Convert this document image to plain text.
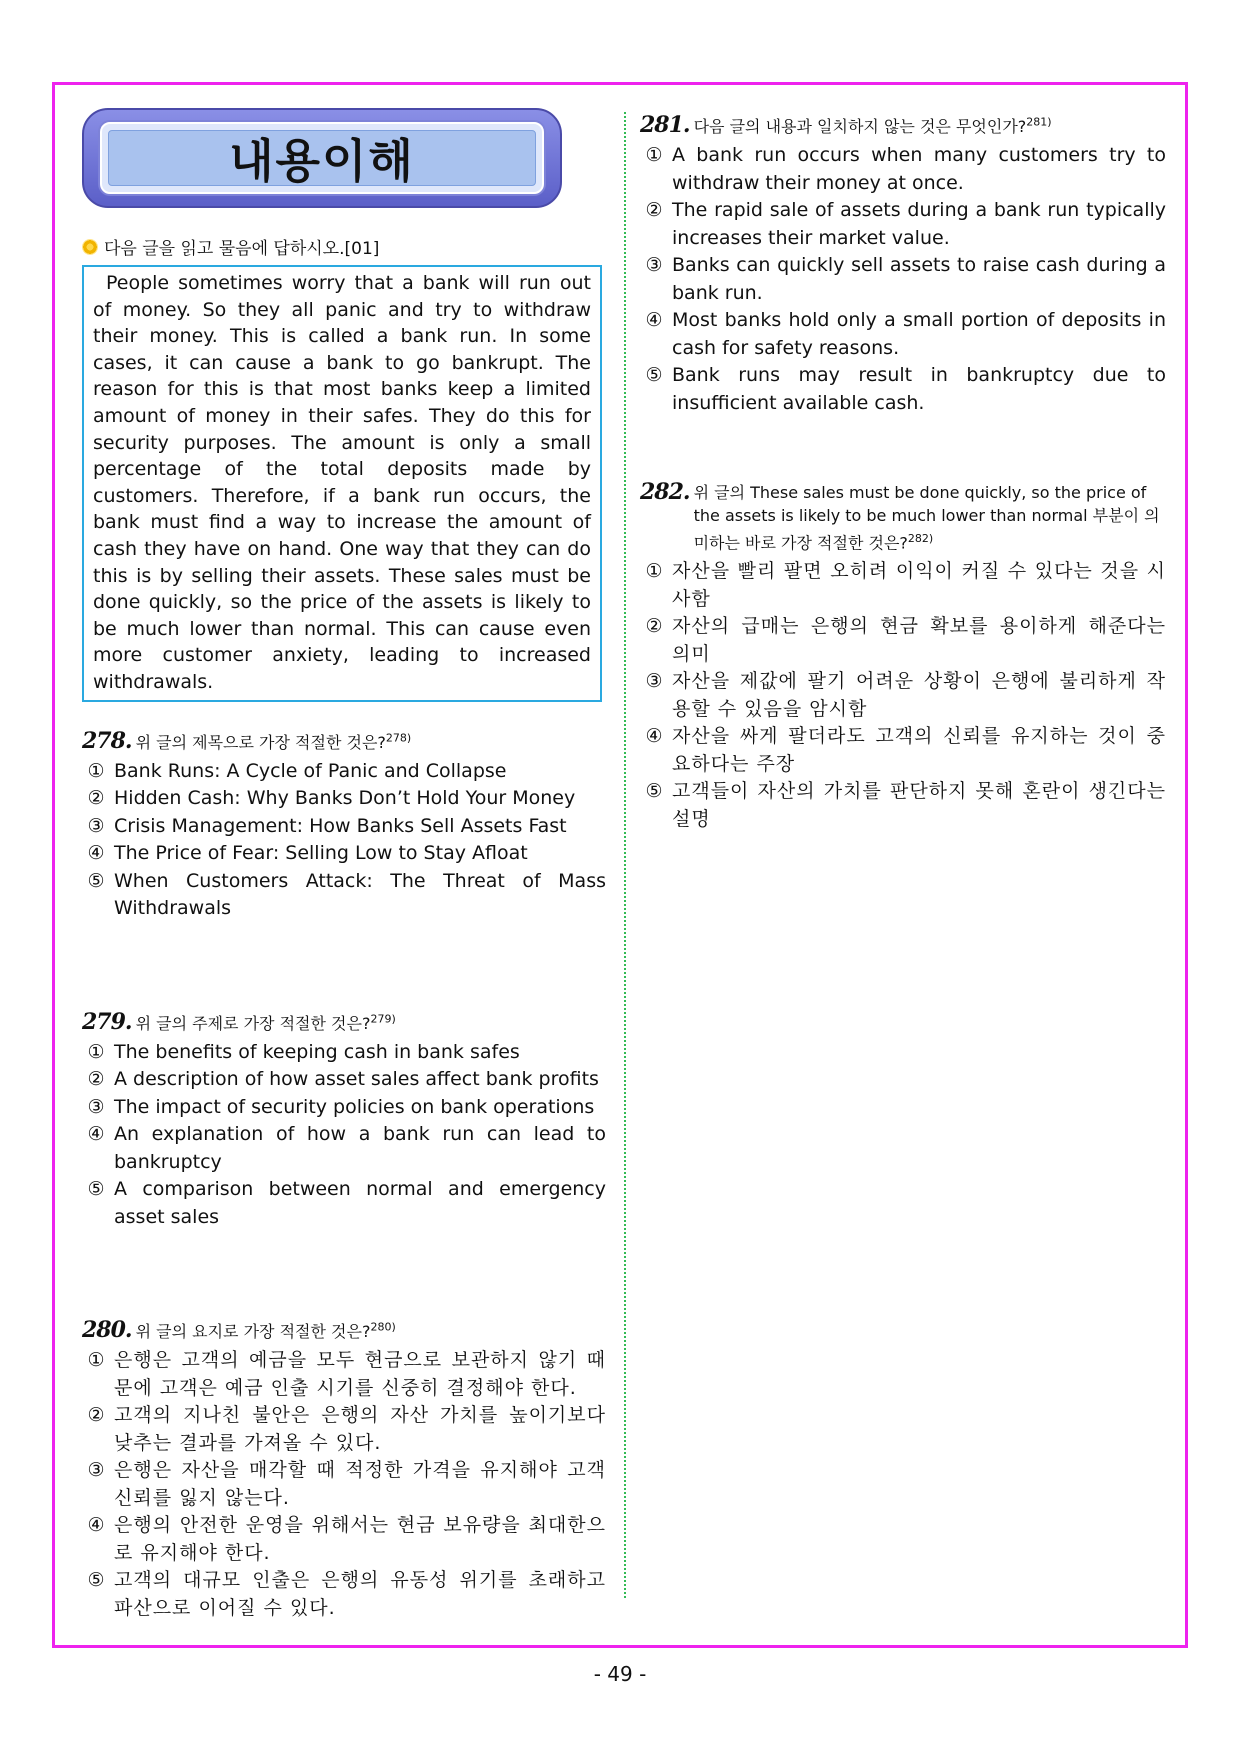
내용이해
다음 글을 읽고 물음에 답하시오.[01]

People sometimes worry that a bank will run out of money. So they all panic and try to withdraw their money. This is called a bank run. In some cases, it can cause a bank to go bankrupt. The reason for this is that most banks keep a limited amount of money in their safes. They do this for security purposes. The amount is only a small percentage of the total deposits made by customers. Therefore, if a bank run occurs, the bank must find a way to increase the amount of cash they have on hand. One way that they can do this is by selling their assets. These sales must be done quickly, so the price of the assets is likely to be much lower than normal. This can cause even more customer anxiety, leading to increased withdrawals.

278. 위 글의 제목으로 가장 적절한 것은?$^{278)}$
① Bank Runs: A Cycle of Panic and Collapse
② Hidden Cash: Why Banks Don’t Hold Your Money
③ Crisis Management: How Banks Sell Assets Fast
④ The Price of Fear: Selling Low to Stay Afloat
⑤ When Customers Attack: The Threat of Mass Withdrawals
279. 위 글의 주제로 가장 적절한 것은?$^{279)}$
① The benefits of keeping cash in bank safes
② A description of how asset sales affect bank profits
③ The impact of security policies on bank operations
④ An explanation of how a bank run can lead to bankruptcy
⑤ A comparison between normal and emergency asset sales
280. 위 글의 요지로 가장 적절한 것은?$^{280)}$
① 은행은 고객의 예금을 모두 현금으로 보관하지 않기 때문에 고객은 예금 인출 시기를 신중히 결정해야 한다.
② 고객의 지나친 불안은 은행의 자산 가치를 높이기보다 낮추는 결과를 가져올 수 있다.
③ 은행은 자산을 매각할 때 적정한 가격을 유지해야 고객 신뢰를 잃지 않는다.
④ 은행의 안전한 운영을 위해서는 현금 보유량을 최대한으로 유지해야 한다.
⑤ 고객의 대규모 인출은 은행의 유동성 위기를 초래하고 파산으로 이어질 수 있다.
281. 다음 글의 내용과 일치하지 않는 것은 무엇인가?$^{281)}$
① A bank run occurs when many customers try to withdraw their money at once.
② The rapid sale of assets during a bank run typically increases their market value.
③ Banks can quickly sell assets to raise cash during a bank run.
④ Most banks hold only a small portion of deposits in cash for safety reasons.
⑤ Bank runs may result in bankruptcy due to insufficient available cash.
282. 위 글의 These sales must be done quickly, so the price of the assets is likely to be much lower than normal 부분이 의미하는 바로 가장 적절한 것은?$^{282)}$
① 자산을 빨리 팔면 오히려 이익이 커질 수 있다는 것을 시사함
② 자산의 급매는 은행의 현금 확보를 용이하게 해준다는 의미
③ 자산을 제값에 팔기 어려운 상황이 은행에 불리하게 작용할 수 있음을 암시함
④ 자산을 싸게 팔더라도 고객의 신뢰를 유지하는 것이 중요하다는 주장
⑤ 고객들이 자산의 가치를 판단하지 못해 혼란이 생긴다는 설명
- 49 -
